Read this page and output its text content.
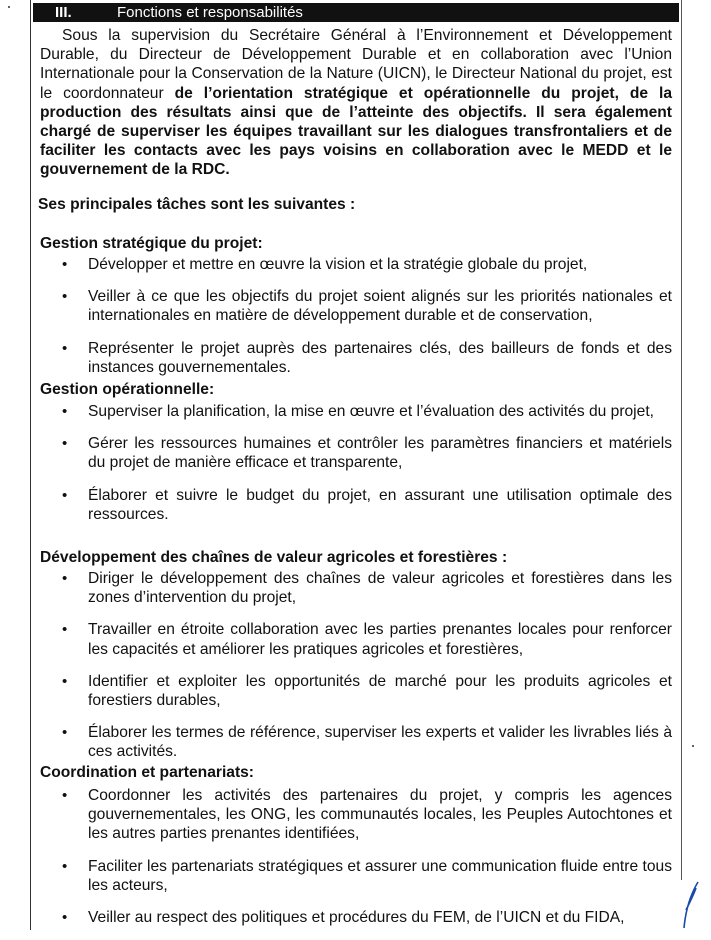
III.	Fonctions et responsabilités

Sous la supervision du Secrétaire Général à l’Environnement et Développement Durable, du Directeur de Développement Durable et en collaboration avec l’Union Internationale pour la Conservation de la Nature (UICN), le Directeur National du projet, est le coordonnateur de l’orientation stratégique et opérationnelle du projet, de la production des résultats ainsi que de l’atteinte des objectifs. Il sera également chargé de superviser les équipes travaillant sur les dialogues transfrontaliers et de faciliter les contacts avec les pays voisins en collaboration avec le MEDD et le gouvernement de la RDC.

Ses principales tâches sont les suivantes :
Gestion stratégique du projet:
• Développer et mettre en œuvre la vision et la stratégie globale du projet,
• Veiller à ce que les objectifs du projet soient alignés sur les priorités nationales et internationales en matière de développement durable et de conservation,
• Représenter le projet auprès des partenaires clés, des bailleurs de fonds et des instances gouvernementales.
Gestion opérationnelle:
• Superviser la planification, la mise en œuvre et l’évaluation des activités du projet,
• Gérer les ressources humaines et contrôler les paramètres financiers et matériels du projet de manière efficace et transparente,
• Élaborer et suivre le budget du projet, en assurant une utilisation optimale des ressources.
Développement des chaînes de valeur agricoles et forestières :
• Diriger le développement des chaînes de valeur agricoles et forestières dans les zones d’intervention du projet,
• Travailler en étroite collaboration avec les parties prenantes locales pour renforcer les capacités et améliorer les pratiques agricoles et forestières,
• Identifier et exploiter les opportunités de marché pour les produits agricoles et forestiers durables,
• Élaborer les termes de référence, superviser les experts et valider les livrables liés à ces activités.
Coordination et partenariats:
• Coordonner les activités des partenaires du projet, y compris les agences gouvernementales, les ONG, les communautés locales, les Peuples Autochtones et les autres parties prenantes identifiées,
• Faciliter les partenariats stratégiques et assurer une communication fluide entre tous les acteurs,
• Veiller au respect des politiques et procédures du FEM, de l’UICN et du FIDA,
